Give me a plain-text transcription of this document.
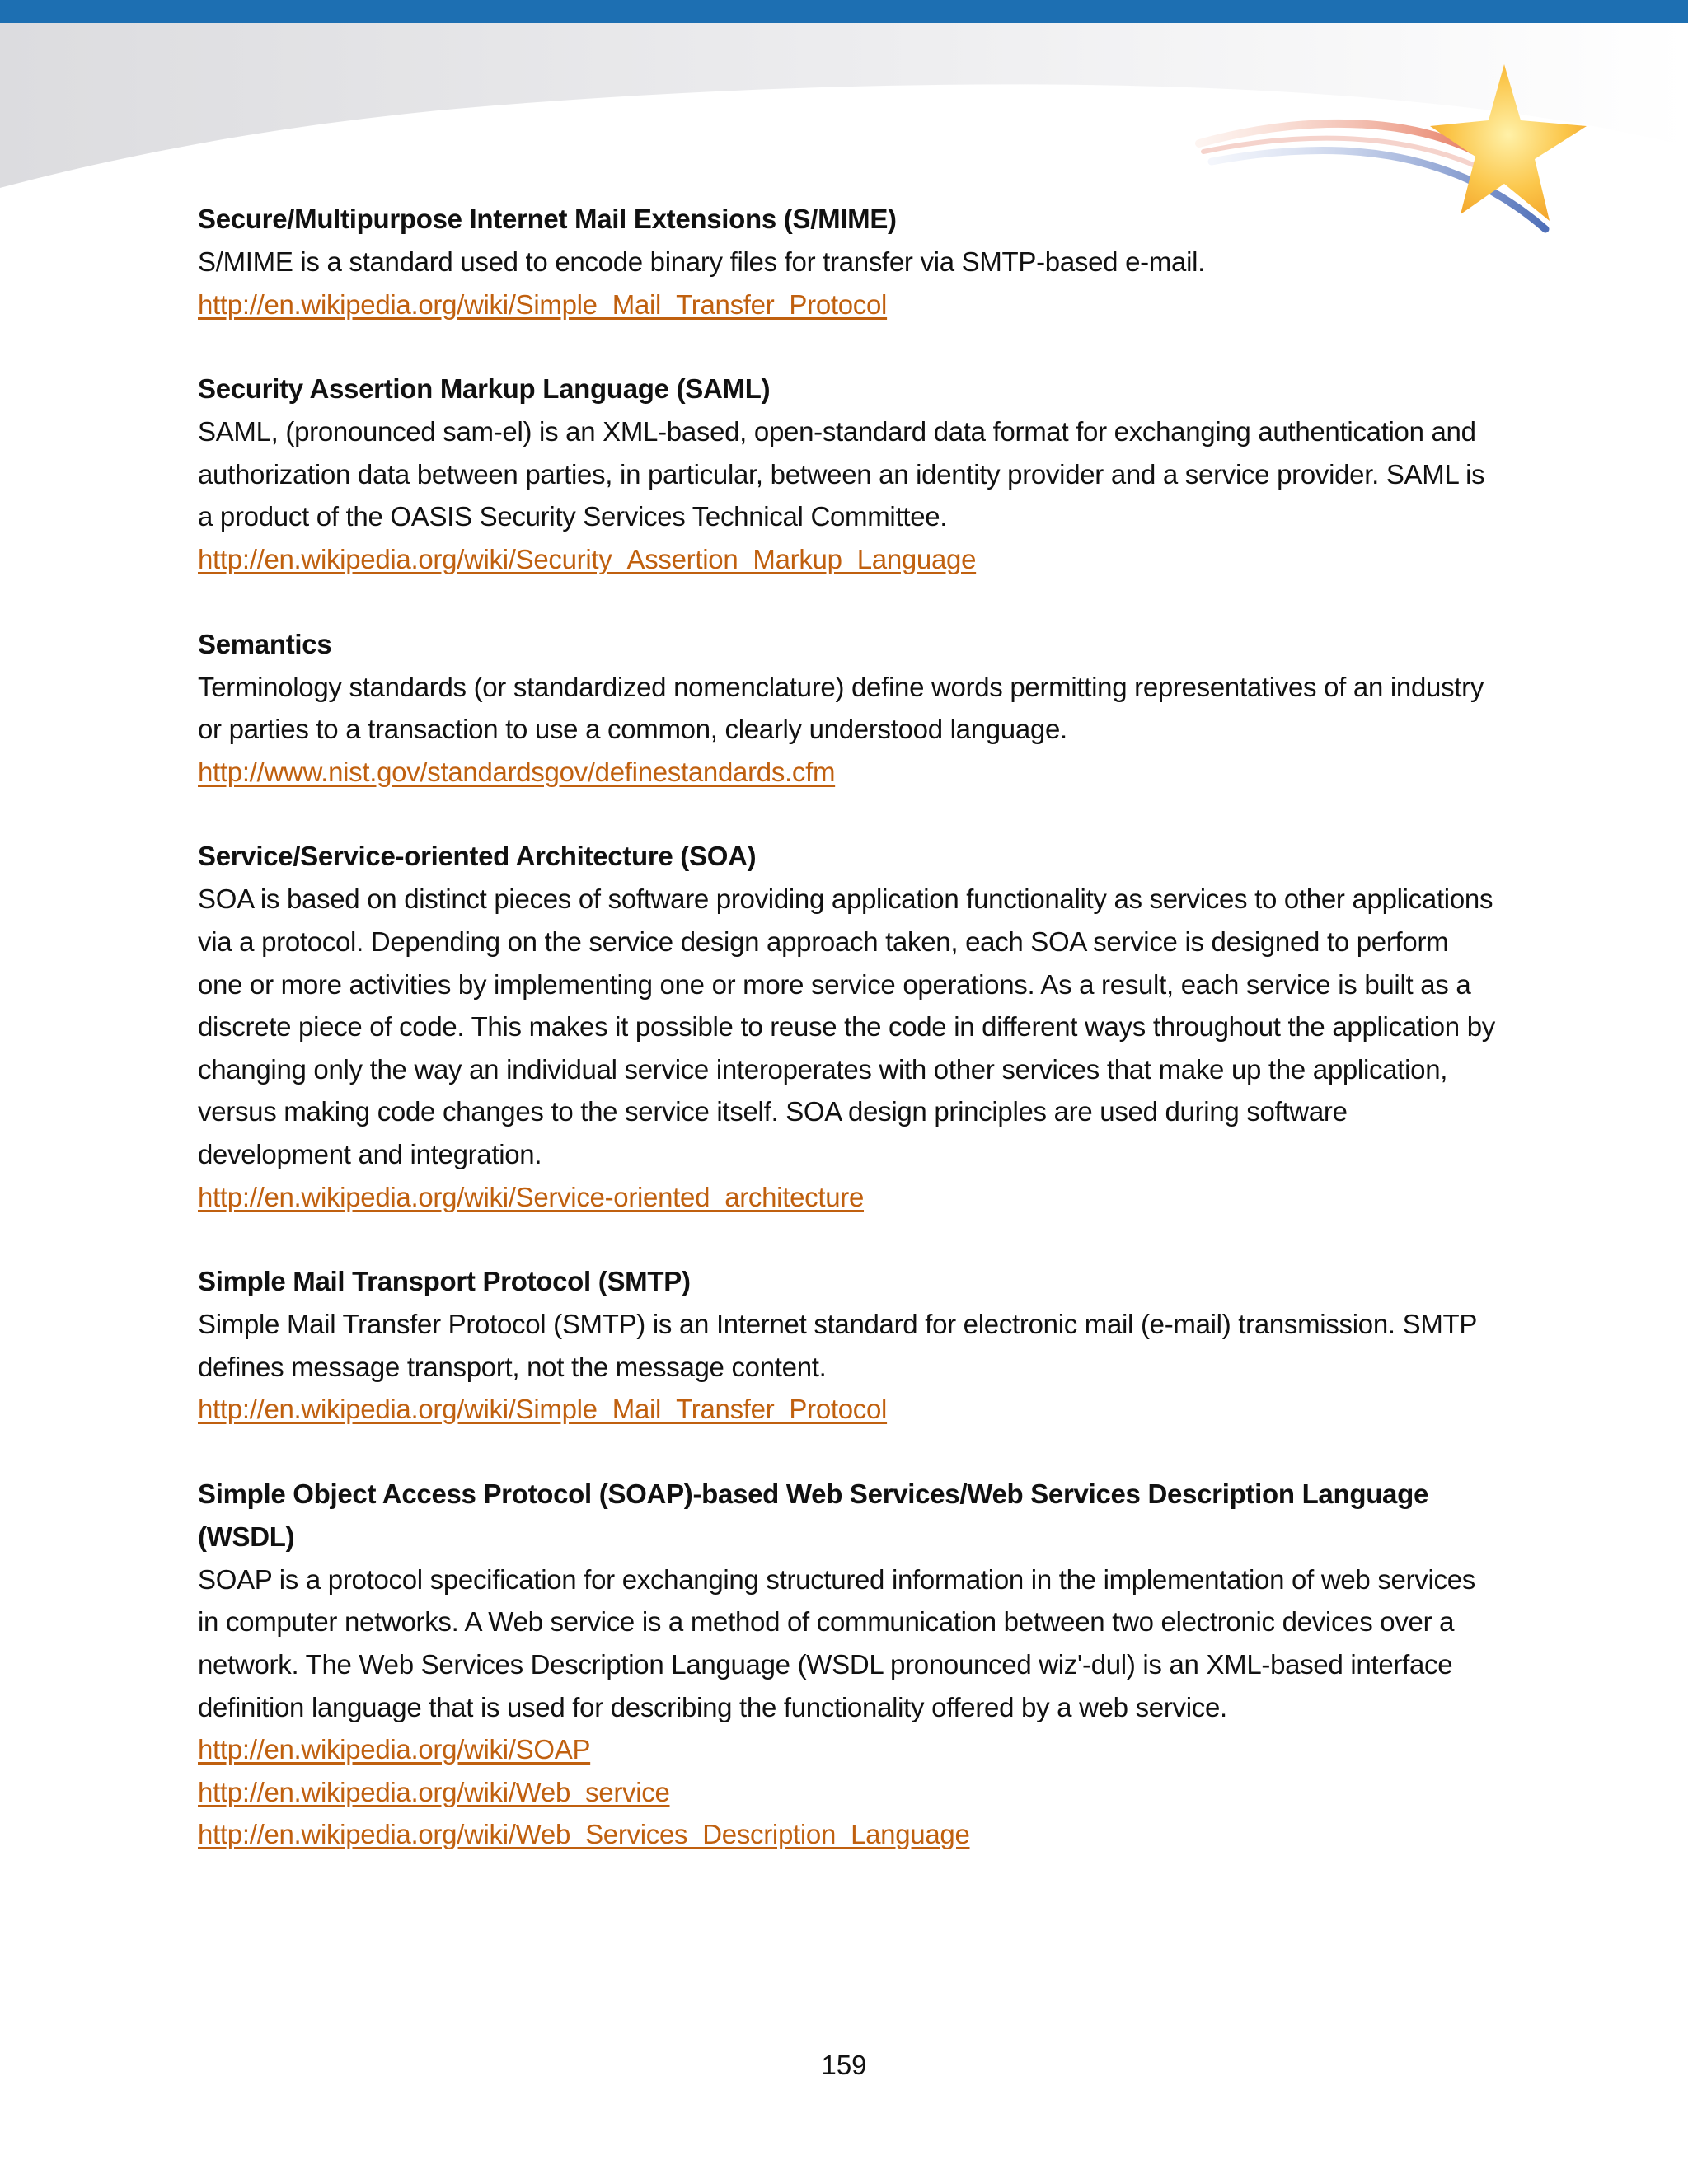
Secure/Multipurpose Internet Mail Extensions (S/MIME)

S/MIME is a standard used to encode binary files for transfer via SMTP-based e-mail.

http://en.wikipedia.org/wiki/Simple_Mail_Transfer_Protocol

Security Assertion Markup Language (SAML)

SAML, (pronounced sam-el) is an XML-based, open-standard data format for exchanging authentication and authorization data between parties, in particular, between an identity provider and a service provider. SAML is a product of the OASIS Security Services Technical Committee.

http://en.wikipedia.org/wiki/Security_Assertion_Markup_Language

Semantics

Terminology standards (or standardized nomenclature) define words permitting representatives of an industry or parties to a transaction to use a common, clearly understood language.

http://www.nist.gov/standardsgov/definestandards.cfm

Service/Service-oriented Architecture (SOA)

SOA is based on distinct pieces of software providing application functionality as services to other applications via a protocol. Depending on the service design approach taken, each SOA service is designed to perform one or more activities by implementing one or more service operations. As a result, each service is built as a discrete piece of code. This makes it possible to reuse the code in different ways throughout the application by changing only the way an individual service interoperates with other services that make up the application, versus making code changes to the service itself. SOA design principles are used during software development and integration.

http://en.wikipedia.org/wiki/Service-oriented_architecture

Simple Mail Transport Protocol (SMTP)

Simple Mail Transfer Protocol (SMTP) is an Internet standard for electronic mail (e-mail) transmission. SMTP defines message transport, not the message content.

http://en.wikipedia.org/wiki/Simple_Mail_Transfer_Protocol

Simple Object Access Protocol (SOAP)-based Web Services/Web Services Description Language (WSDL)

SOAP is a protocol specification for exchanging structured information in the implementation of web services in computer networks. A Web service is a method of communication between two electronic devices over a network. The Web Services Description Language (WSDL pronounced wiz'-dul) is an XML-based interface definition language that is used for describing the functionality offered by a web service.

http://en.wikipedia.org/wiki/SOAP
http://en.wikipedia.org/wiki/Web_service
http://en.wikipedia.org/wiki/Web_Services_Description_Language
159
